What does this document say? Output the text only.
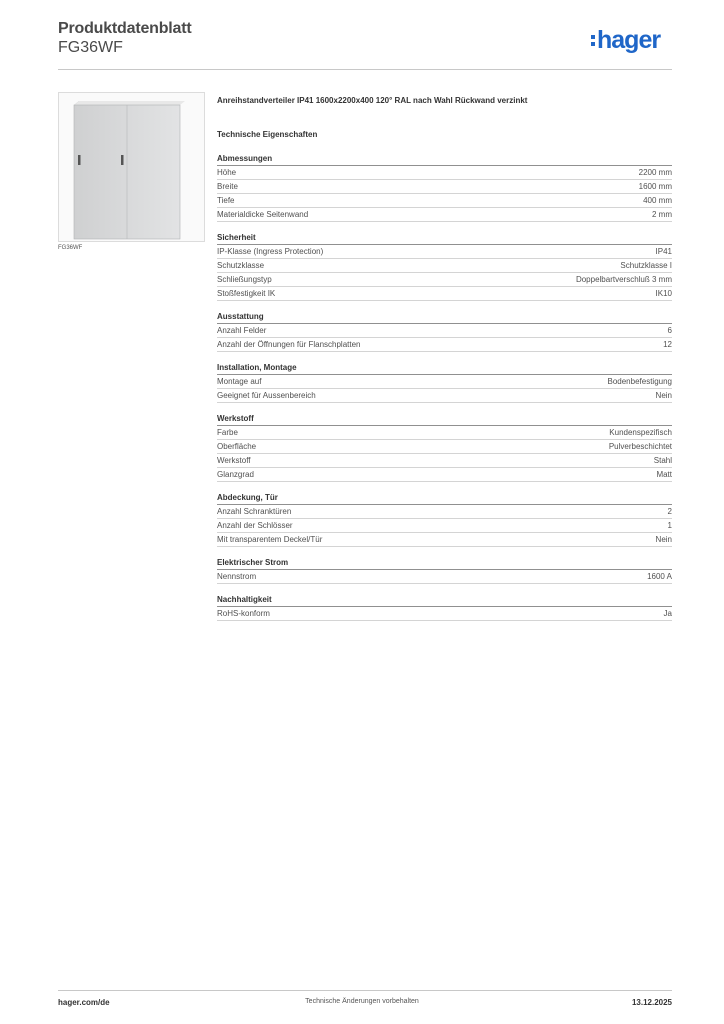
Produktdatenblatt
FG36WF	hager
FG36WF
Anreihstandverteiler IP41 1600x2200x400 120° RAL nach Wahl Rückwand verzinkt
Technische Eigenschaften
Abmessungen
Höhe	2200 mm
Breite	1600 mm
Tiefe	400 mm
Materialdicke Seitenwand	2 mm
Sicherheit
IP-Klasse (Ingress Protection)	IP41
Schutzklasse	Schutzklasse I
Schließungstyp	Doppelbartverschluß 3 mm
Stoßfestigkeit IK	IK10
Ausstattung
Anzahl Felder	6
Anzahl der Öffnungen für Flanschplatten	12
Installation, Montage
Montage auf	Bodenbefestigung
Geeignet für Aussenbereich	Nein
Werkstoff
Farbe	Kundenspezifisch
Oberfläche	Pulverbeschichtet
Werkstoff	Stahl
Glanzgrad	Matt
Abdeckung, Tür
Anzahl Schranktüren	2
Anzahl der Schlösser	1
Mit transparentem Deckel/Tür	Nein
Elektrischer Strom
Nennstrom	1600 A
Nachhaltigkeit
RoHS-konform	Ja
hager.com/de	Technische Änderungen vorbehalten	13.12.2025
